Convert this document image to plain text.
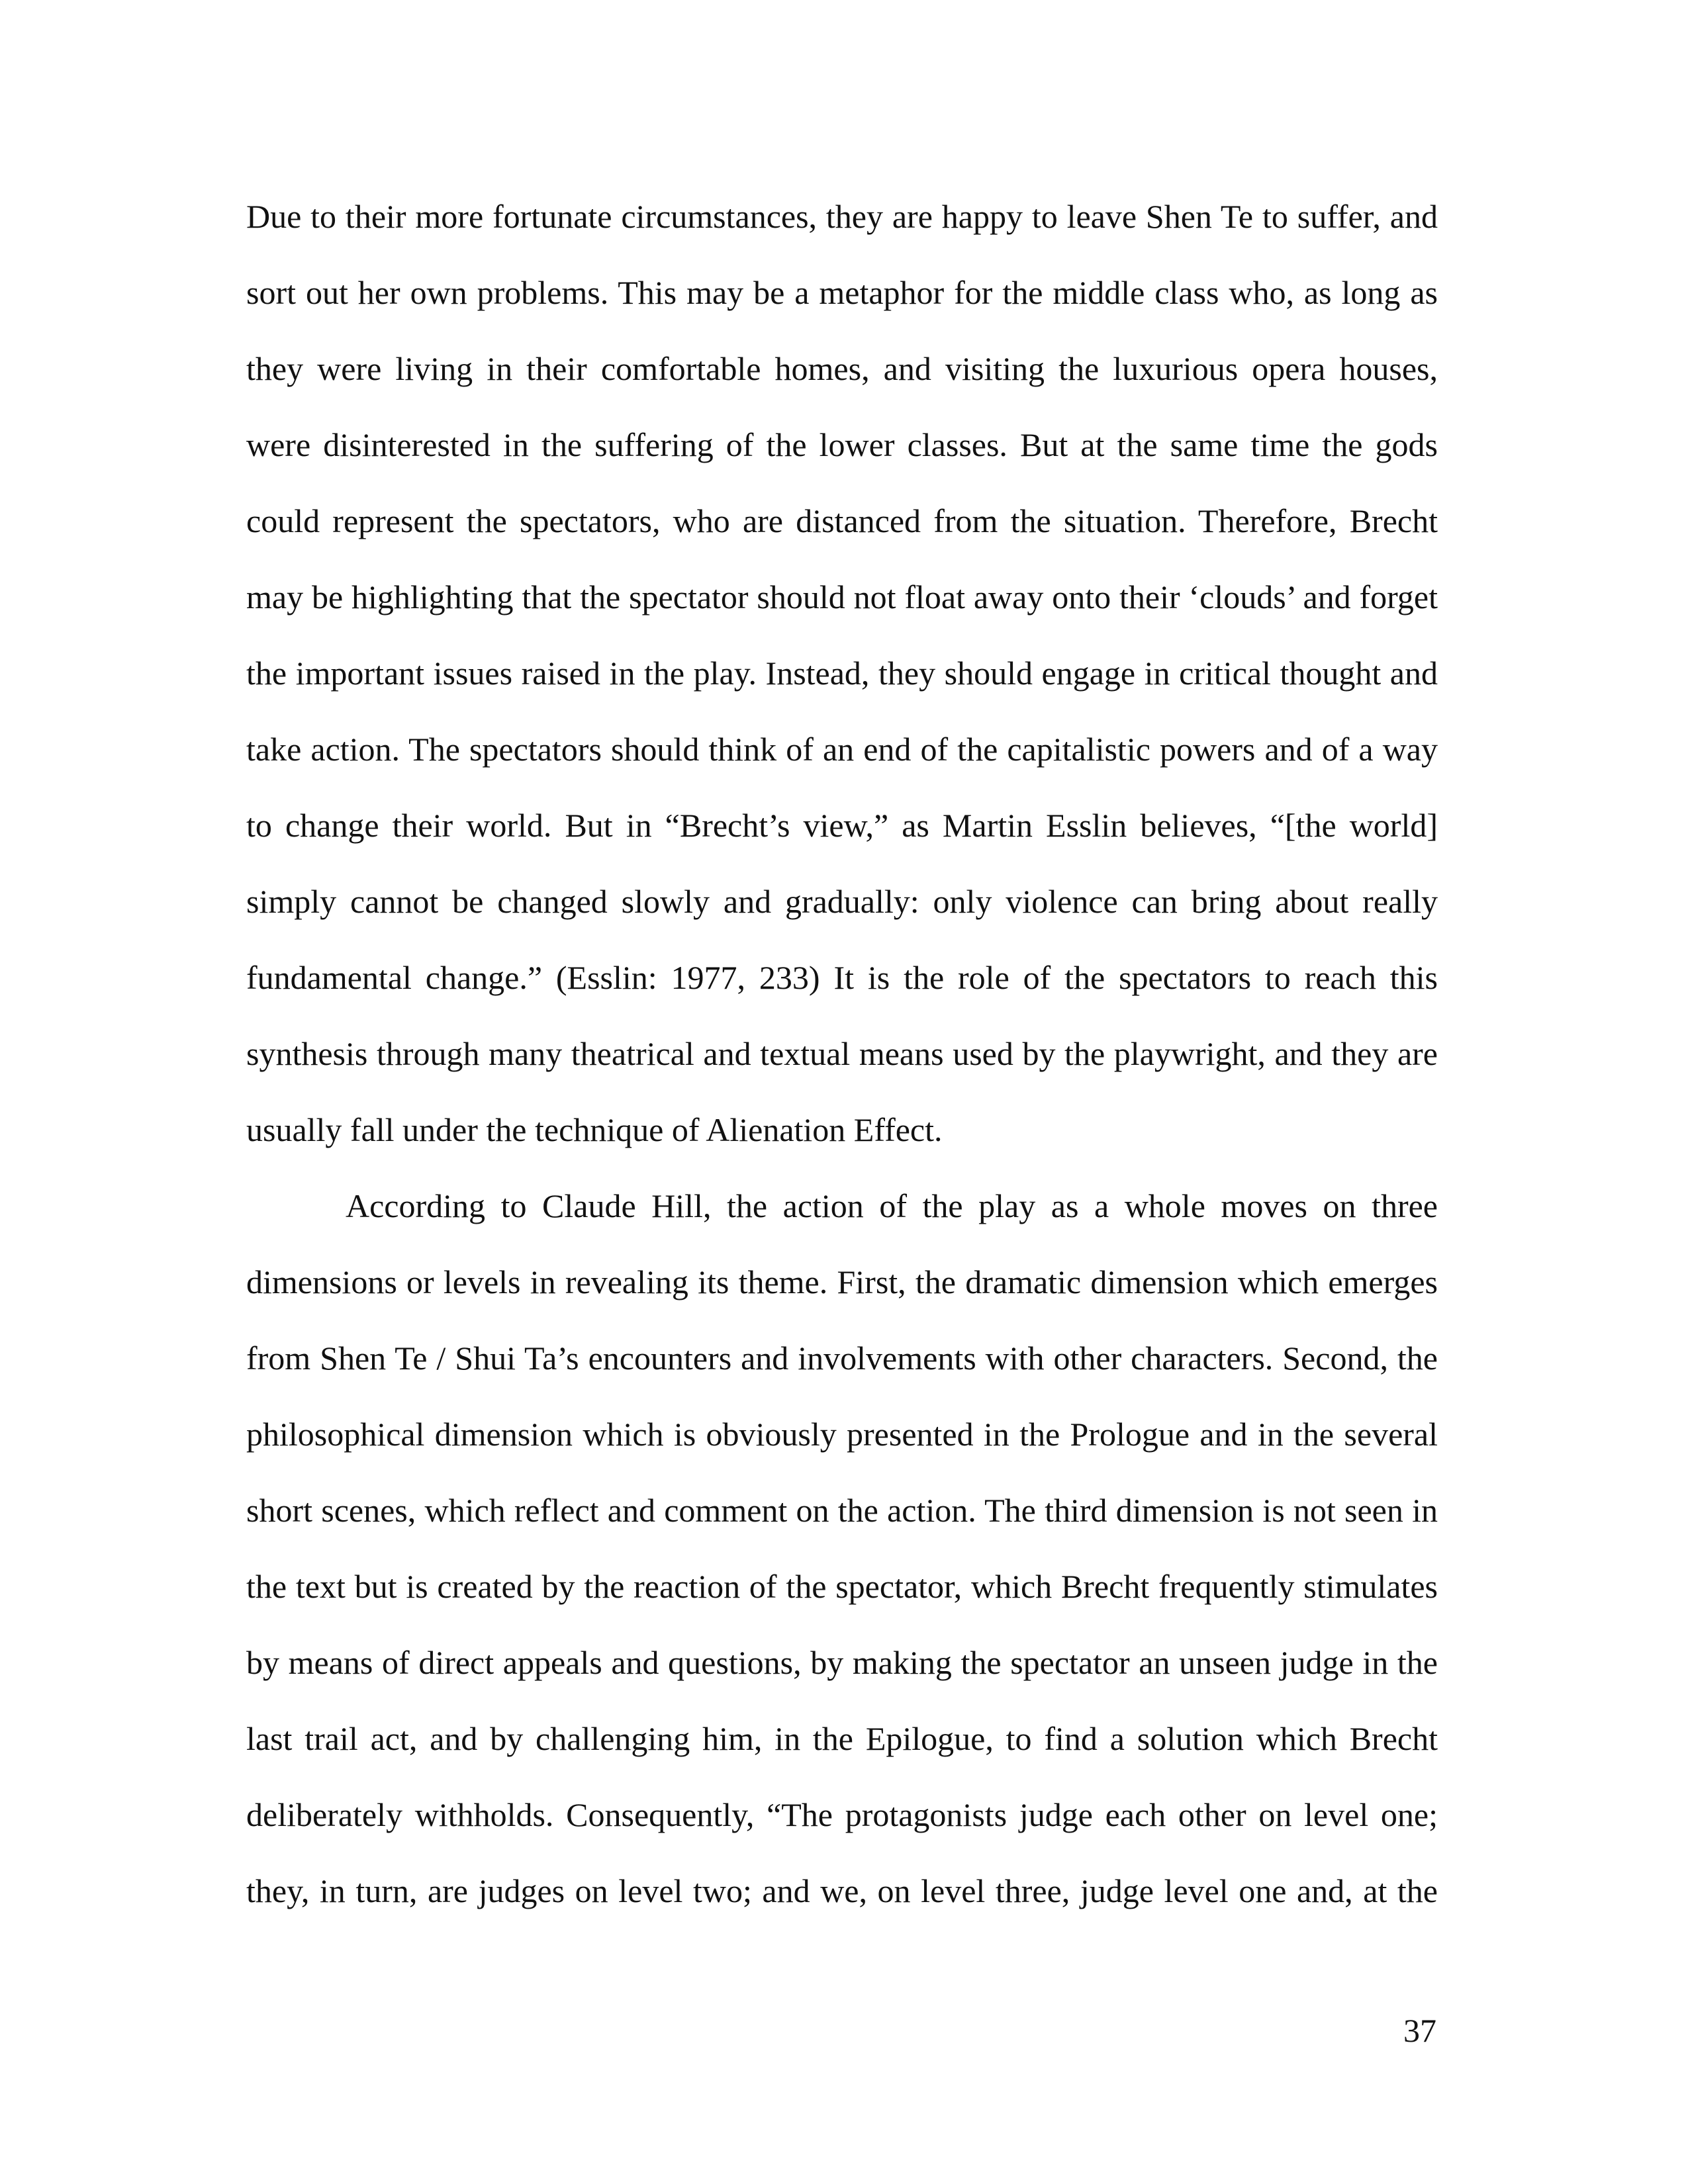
Due to their more fortunate circumstances, they are happy to leave Shen Te to suffer, and
sort out her own problems. This may be a metaphor for the middle class who, as long as
they were living in their comfortable homes, and visiting the luxurious opera houses,
were disinterested in the suffering of the lower classes. But at the same time the gods
could represent the spectators, who are distanced from the situation. Therefore, Brecht
may be highlighting that the spectator should not float away onto their ‘clouds’ and forget
the important issues raised in the play. Instead, they should engage in critical thought and
take action. The spectators should think of an end of the capitalistic powers and of a way
to change their world. But in “Brecht’s view,” as Martin Esslin believes, “[the world]
simply cannot be changed slowly and gradually: only violence can bring about really
fundamental change.” (Esslin: 1977, 233) It is the role of the spectators to reach this
synthesis through many theatrical and textual means used by the playwright, and they are
usually fall under the technique of Alienation Effect.
According to Claude Hill, the action of the play as a whole moves on three
dimensions or levels in revealing its theme. First, the dramatic dimension which emerges
from Shen Te / Shui Ta’s encounters and involvements with other characters. Second, the
philosophical dimension which is obviously presented in the Prologue and in the several
short scenes, which reflect and comment on the action. The third dimension is not seen in
the text but is created by the reaction of the spectator, which Brecht frequently stimulates
by means of direct appeals and questions, by making the spectator an unseen judge in the
last trail act, and by challenging him, in the Epilogue, to find a solution which Brecht
deliberately withholds. Consequently, “The protagonists judge each other on level one;
they, in turn, are judges on level two; and we, on level three, judge level one and, at the
37
